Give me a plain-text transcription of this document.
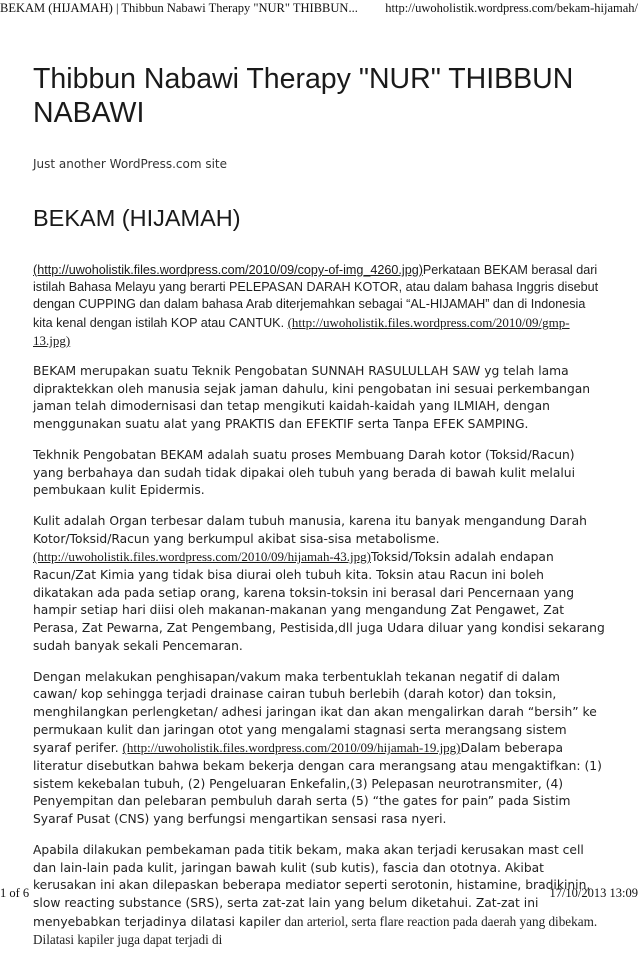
BEKAM (HIJAMAH) | Thibbun Nabawi Therapy "NUR" THIBBUN... http://uwoholistik.wordpress.com/bekam-hijamah/
Thibbun Nabawi Therapy "NUR" THIBBUN NABAWI
Just another WordPress.com site
BEKAM (HIJAMAH)

(http://uwoholistik.files.wordpress.com/2010/09/copy-of-img_4260.jpg)Perkataan BEKAM berasal dari istilah Bahasa Melayu yang berarti PELEPASAN DARAH KOTOR, atau dalam bahasa Inggris disebut dengan CUPPING dan dalam bahasa Arab diterjemahkan sebagai “AL-HIJAMAH” dan di Indonesia kita kenal dengan istilah KOP atau CANTUK. (http://uwoholistik.files.wordpress.com/2010/09/gmp-13.jpg)

BEKAM merupakan suatu Teknik Pengobatan SUNNAH RASULULLAH SAW yg telah lama dipraktekkan oleh manusia sejak jaman dahulu, kini pengobatan ini sesuai perkembangan jaman telah dimodernisasi dan tetap mengikuti kaidah-kaidah yang ILMIAH, dengan menggunakan suatu alat yang PRAKTIS dan EFEKTIF serta Tanpa EFEK SAMPING.

Tekhnik Pengobatan BEKAM adalah suatu proses Membuang Darah kotor (Toksid/Racun) yang berbahaya dan sudah tidak dipakai oleh tubuh yang berada di bawah kulit melalui pembukaan kulit Epidermis.

Kulit adalah Organ terbesar dalam tubuh manusia, karena itu banyak mengandung Darah Kotor/Toksid/Racun yang berkumpul akibat sisa-sisa metabolisme. (http://uwoholistik.files.wordpress.com/2010/09/hijamah-43.jpg)Toksid/Toksin adalah endapan Racun/Zat Kimia yang tidak bisa diurai oleh tubuh kita. Toksin atau Racun ini boleh dikatakan ada pada setiap orang, karena toksin-toksin ini berasal dari Pencernaan yang hampir setiap hari diisi oleh makanan-makanan yang mengandung Zat Pengawet, Zat Perasa, Zat Pewarna, Zat Pengembang, Pestisida,dll juga Udara diluar yang kondisi sekarang sudah banyak sekali Pencemaran.

Dengan melakukan penghisapan/vakum maka terbentuklah tekanan negatif di dalam cawan/ kop sehingga terjadi drainase cairan tubuh berlebih (darah kotor) dan toksin, menghilangkan perlengketan/ adhesi jaringan ikat dan akan mengalirkan darah “bersih” ke permukaan kulit dan jaringan otot yang mengalami stagnasi serta merangsang sistem syaraf perifer. (http://uwoholistik.files.wordpress.com/2010/09/hijamah-19.jpg)Dalam beberapa literatur disebutkan bahwa bekam bekerja dengan cara merangsang atau mengaktifkan: (1) sistem kekebalan tubuh, (2) Pengeluaran Enkefalin,(3) Pelepasan neurotransmiter, (4) Penyempitan dan pelebaran pembuluh darah serta (5) “the gates for pain” pada Sistim Syaraf Pusat (CNS) yang berfungsi mengartikan sensasi rasa nyeri.

Apabila dilakukan pembekaman pada titik bekam, maka akan terjadi kerusakan mast cell dan lain-lain pada kulit, jaringan bawah kulit (sub kutis), fascia dan ototnya. Akibat kerusakan ini akan dilepaskan beberapa mediator seperti serotonin, histamine, bradikinin, slow reacting substance (SRS), serta zat-zat lain yang belum diketahui. Zat-zat ini menyebabkan terjadinya dilatasi kapiler dan arteriol, serta flare reaction pada daerah yang dibekam. Dilatasi kapiler juga dapat terjadi di

1 of 6	17/10/2013 13:09
